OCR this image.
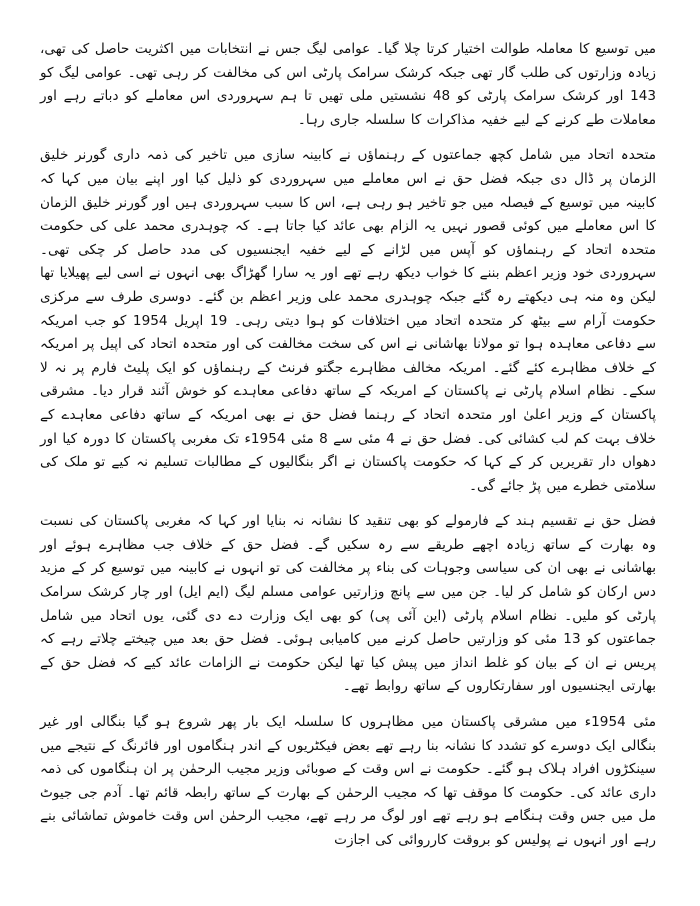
میں توسیع کا معاملہ طوالت اختیار کرتا چلا گیا۔ عوامی لیگ جس نے انتخابات میں اکثریت حاصل کی تھی، زیادہ وزارتوں کی طلب گار تھی جبکہ کرشک سرامک پارٹی اس کی مخالفت کر رہی تھی۔ عوامی لیگ کو 143 اور کرشک سرامک پارٹی کو 48 نشستیں ملی تھیں تا ہم سہروردی اس معاملے کو دباتے رہے اور معاملات طے کرنے کے لیے خفیہ مذاکرات کا سلسلہ جاری رہا۔

متحدہ اتحاد میں شامل کچھ جماعتوں کے رہنماؤں نے کابینہ سازی میں تاخیر کی ذمہ داری گورنر خلیق الزمان پر ڈال دی جبکہ فضل حق نے اس معاملے میں سہروردی کو ذلیل کیا اور اپنے بیان میں کہا کہ کابینہ میں توسیع کے فیصلہ میں جو تاخیر ہو رہی ہے، اس کا سبب سہروردی ہیں اور گورنر خلیق الزمان کا اس معاملے میں کوئی قصور نہیں یہ الزام بھی عائد کیا جاتا ہے۔ کہ چوہدری محمد علی کی حکومت متحدہ اتحاد کے رہنماؤں کو آپس میں لڑانے کے لیے خفیہ ایجنسیوں کی مدد حاصل کر چکی تھی۔ سہروردی خود وزیر اعظم بننے کا خواب دیکھ رہے تھے اور یہ سارا گھڑاگ بھی انہوں نے اسی لیے پھیلایا تھا لیکن وہ منہ ہی دیکھتے رہ گئے جبکہ چوہدری محمد علی وزیر اعظم بن گئے۔ دوسری طرف سے مرکزی حکومت آرام سے بیٹھ کر متحدہ اتحاد میں اختلافات کو ہوا دیتی رہی۔ 19 اپریل 1954 کو جب امریکہ سے دفاعی معاہدہ ہوا تو مولانا بھاشانی نے اس کی سخت مخالفت کی اور متحدہ اتحاد کی اپیل پر امریکہ کے خلاف مظاہرے کئے گئے۔ امریکہ مخالف مظاہرے جگتو فرنٹ کے رہنماؤں کو ایک پلیٹ فارم پر نہ لا سکے۔ نظام اسلام پارٹی نے پاکستان کے امریکہ کے ساتھ دفاعی معاہدے کو خوش آئند قرار دیا۔ مشرقی پاکستان کے وزیر اعلیٰ اور متحدہ اتحاد کے رہنما فضل حق نے بھی امریکہ کے ساتھ دفاعی معاہدے کے خلاف بہت کم لب کشائی کی۔ فضل حق نے 4 مئی سے 8 مئی 1954ء تک مغربی پاکستان کا دورہ کیا اور دھواں دار تقریریں کر کے کہا کہ حکومت پاکستان نے اگر بنگالیوں کے مطالبات تسلیم نہ کیے تو ملک کی سلامتی خطرے میں پڑ جائے گی۔

فضل حق نے تقسیم ہند کے فارمولے کو بھی تنقید کا نشانہ نہ بنایا اور کہا کہ مغربی پاکستان کی نسبت وہ بھارت کے ساتھ زیادہ اچھے طریقے سے رہ سکیں گے۔ فضل حق کے خلاف جب مظاہرے ہوئے اور بھاشانی نے بھی ان کی سیاسی وجوہات کی بناء پر مخالفت کی تو انہوں نے کابینہ میں توسیع کر کے مزید دس ارکان کو شامل کر لیا۔ جن میں سے پانچ وزارتیں عوامی مسلم لیگ (ایم ایل) اور چار کرشک سرامک پارٹی کو ملیں۔ نظام اسلام پارٹی (این آئی پی) کو بھی ایک وزارت دے دی گئی، یوں اتحاد میں شامل جماعتوں کو 13 مئی کو وزارتیں حاصل کرنے میں کامیابی ہوئی۔ فضل حق بعد میں چیختے چلاتے رہے کہ پریس نے ان کے بیان کو غلط انداز میں پیش کیا تھا لیکن حکومت نے الزامات عائد کیے کہ فضل حق کے بھارتی ایجنسیوں اور سفارتکاروں کے ساتھ روابط تھے۔

مئی 1954ء میں مشرقی پاکستان میں مظاہروں کا سلسلہ ایک بار پھر شروع ہو گیا بنگالی اور غیر بنگالی ایک دوسرے کو تشدد کا نشانہ بنا رہے تھے بعض فیکٹریوں کے اندر ہنگاموں اور فائرنگ کے نتیجے میں سینکڑوں افراد ہلاک ہو گئے۔ حکومت نے اس وقت کے صوبائی وزیر مجیب الرحمٰن پر ان ہنگاموں کی ذمہ داری عائد کی۔ حکومت کا موقف تھا کہ مجیب الرحمٰن کے بھارت کے ساتھ رابطہ قائم تھا۔ آدم جی جیوٹ مل میں جس وقت ہنگامے ہو رہے تھے اور لوگ مر رہے تھے، مجیب الرحمٰن اس وقت خاموش تماشائی بنے رہے اور انہوں نے پولیس کو بروقت کارروائی کی اجازت
